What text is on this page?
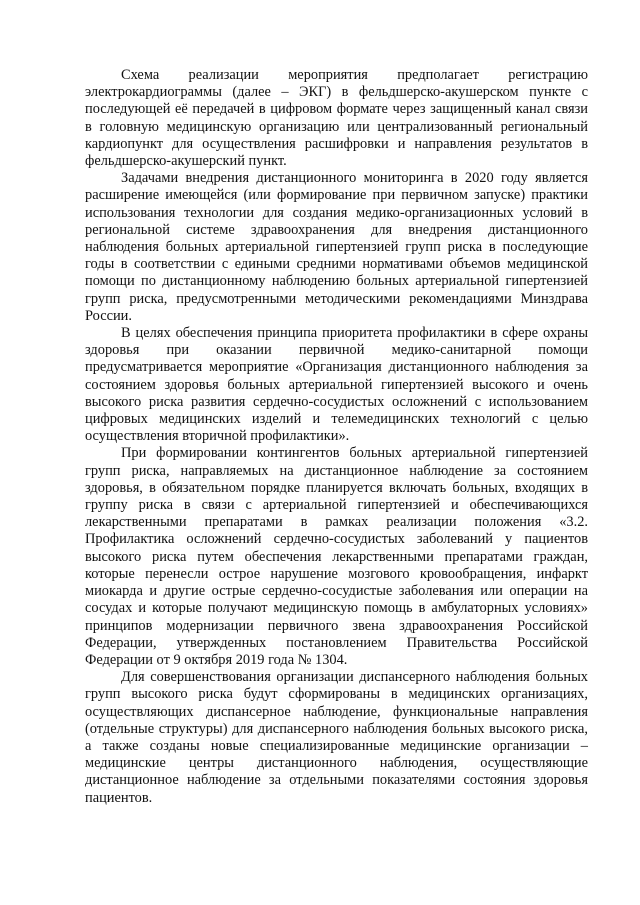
Схема реализации мероприятия предполагает регистрацию электрокардиограммы (далее – ЭКГ) в фельдшерско-акушерском пункте с последующей её передачей в цифровом формате через защищенный канал связи в головную медицинскую организацию или централизованный региональный кардиопункт для осуществления расшифровки и направления результатов в фельдшерско-акушерский пункт.

Задачами внедрения дистанционного мониторинга в 2020 году является расширение имеющейся (или формирование при первичном запуске) практики использования технологии для создания медико-организационных условий в региональной системе здравоохранения для внедрения дистанционного наблюдения больных артериальной гипертензией групп риска в последующие годы в соответствии с едиными средними нормативами объемов медицинской помощи по дистанционному наблюдению больных артериальной гипертензией групп риска, предусмотренными методическими рекомендациями Минздрава России.

В целях обеспечения принципа приоритета профилактики в сфере охраны здоровья при оказании первичной медико-санитарной помощи предусматривается мероприятие «Организация дистанционного наблюдения за состоянием здоровья больных артериальной гипертензией высокого и очень высокого риска развития сердечно-сосудистых осложнений с использованием цифровых медицинских изделий и телемедицинских технологий с целью осуществления вторичной профилактики».

При формировании контингентов больных артериальной гипертензией групп риска, направляемых на дистанционное наблюдение за состоянием здоровья, в обязательном порядке планируется включать больных, входящих в группу риска в связи с артериальной гипертензией и обеспечивающихся лекарственными препаратами в рамках реализации положения «3.2. Профилактика осложнений сердечно-сосудистых заболеваний у пациентов высокого риска путем обеспечения лекарственными препаратами граждан, которые перенесли острое нарушение мозгового кровообращения, инфаркт миокарда и другие острые сердечно-сосудистые заболевания или операции на сосудах и которые получают медицинскую помощь в амбулаторных условиях» принципов модернизации первичного звена здравоохранения Российской Федерации, утвержденных постановлением Правительства Российской Федерации от 9 октября 2019 года № 1304.

Для совершенствования организации диспансерного наблюдения больных групп высокого риска будут сформированы в медицинских организациях, осуществляющих диспансерное наблюдение, функциональные направления (отдельные структуры) для диспансерного наблюдения больных высокого риска, а также созданы новые специализированные медицинские организации – медицинские центры дистанционного наблюдения, осуществляющие дистанционное наблюдение за отдельными показателями состояния здоровья пациентов.
